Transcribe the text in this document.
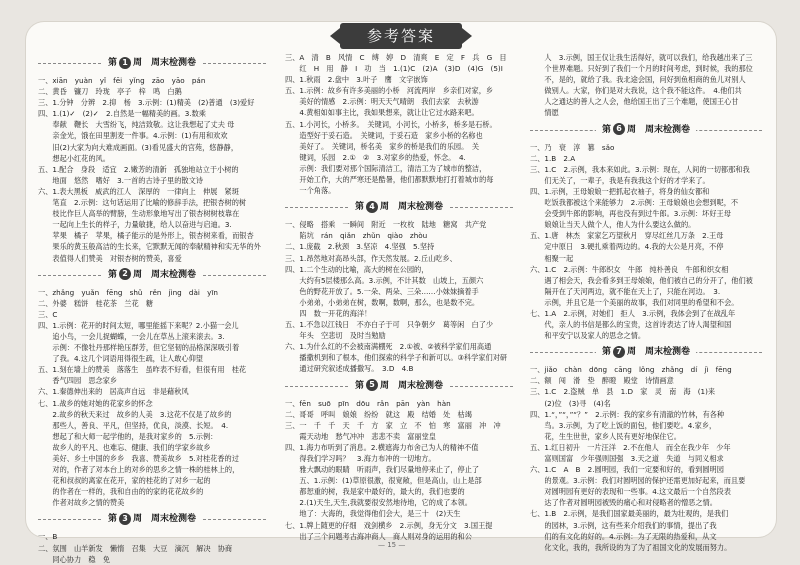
参考答案
第 1 周　周末检测卷
一、xiān　yuàn　yǐ　fēi　yǐng　zāo　yāo　pán
二、黄昏　镰刀　玲珑　亭子　梓　鸣　白鹅
三、1.分钟　分辨　2.抑　杨　3.示例：(1)精美　(2)普通　(3)爱好
四、1.(1)✓　(2)✓　2.自然是一幅精美的画。3.数乘
　　奉献　鞭长　大雪纷飞，纯洁致敬。这让我想起了丈夫 母
　　亲金光，饿在田里割麦一件事。4.示例：(1)有用和欢欢
　　旧(2)大家为向大难成画面。(3)看见盛大的宫苑，悠静静，
　　想起小红花的风。
五、1.配合　身段　适宜　2.嫩芳的清新　孤独地站立于小树的
　　地面　悠然　嗜好　3.一首的古诗子里的散文诗
六、1.表大黑板　威武的江人　深厚的　一律向上　伸展　紧斑
　　笔直　2.示例：这句话运用了比喻的修辞手法，把银杏树的树
　　枝比作巨人高举的臂膀，生动形象地写出了银杏树树枝靠在
　　一起向上生长的样子，力量敏捷，给人以奋进与启迪。3.
　　苹果　橘子　苹果，橘子能示的是外形上，银杏树来看，而银杏
　　果乐的黄玉般高洁的生长来，它默默无闻的奉献精神和实无华的外
　　表值得人们赞美　对银杏树的赞美，喜爱
第 2 周　周末检测卷
一、zhǎng　yuǎn　fēng　shǔ　rěn　jìng　dài　yīn
二、外婆　糕饼　桂花茶　兰花　糖
三、C
四、1.示例：花开的时间太短，哪里能摇下来呢？2.小猫一会儿
　　追小鸟，一会儿捉蝴蝶，一会儿在草丛上滚来滚去。3.
　　示例：不像牡丹那样艳压群芳，但它坚韧的品格深深吸引着
　　了我。4.这几个词语用得很生疏，让人敢心仰望
五、1.刻在墙上的赞美　落落生　虽昨表不好看，但很有用　桂花
　　香气四园　思念家乡
六、1.秦德伸出来的　居高声自远　非是藉秋风
七、1.战乡的她对她的花家乡的怀念
　　2.故乡的秋天来过　故乡的人美　3.这花不仅是了故乡的
　　那些人，善良、平凡，但坚持，优良，淡漠、长短。　4.
　　想起了和大师一起学他的，是我对家乡的　5.示例：
　　故乡人的平凡、也难忘、健康、我们的学家乡故乡
　　美好、乡土中国的乡乡　我喜、赞美故乡　5.对桂花香的过
　　对的，作者了对本台上的对乡的思乡之情一株的桂林上的，
　　花和叔叔的离家在花开，家的桂花的了对乡一起的
　　的作者在一样的，我和自由的的家的花花故乡的
　　作者对故乡之情的赞美
第 3 周　周末检测卷
一、B
二、氛围　山羊新发　懒惰　召集　大豆　滴沉　解决　协商
　　同心协力　稳　免
三、A　清　B　风情　C　缚　婷　D　清爽　E　定　F　兵　G　目
　　红　H　用　静　I　功　当　1.(1)C　(2)A　(3)D　(4)G　(5)I
四、1.秋雨　2.盘中　3.叶子　鹰　文字嵌饰
五、1.示例：故乡有许多美丽的小桥　河流两岸　乡亲们对家，乡
　　美好的情感　2.示例：明天天气晴朗　我们去家　去秋游
　　4.黄相如如事主比，我如果想来，就让让它过水路来吧。
五、1.小河长，小桥多。　关键词，小河长，小桥多，桥多是石桥。
　　造型好于妥石造。　关键词，于妥石造　家乡小桥的名称也
　　美好了。　关键词，桥名美　家乡的桥是我们的乐园。　关
　　键词，乐园　2.①　②　3.对家乡的热爱，怀念。　4.
　　示例：我们要对那个国际清洁工，清洁工为了城市的整洁，
　　开始工作，大的严寒还是酷暑，他们都默默地打打着城市的每
　　一个角落。
第 4 周　周末检测卷
一、侵略　搭乘　一瞬间　附近　一枚枚　陆地　糖窝　共产党
　　陷坑　rán　qiǎn　zhǔn　qiào　zhòu
二、1.庞截　2.秋颈　3.坚凉　4.坚强　5.坚持
三、1.昂然地对高昂头部，作天然发展。2.丘山吃乡、
四、1.二个生动的比喻，高大的树在公园的，
　　大约有5层楼那么高。3.示例，不计其数　山坡上，五颜六
　　色的野花开放了。5.一朵、两朵、三朵……小妹妹摘着手
　　小弟弟，小弟弟在树，数啊，数啊，那么，也是数不完。
　　四　数一开花的海洋！
五、1.不急以江钱日　不亦白子于可　只争朝夕　葛等闲　白了少
　　年头　空悲切　及时当勉励
六、1.为什么红的不会被南满棚死　2.①被、②被科学家们用高通
　　播撒机到和了根本，他们探索的科学子和新可以。③科学家们对研
　　通过研究叙述成播撒写。　3.D　4.B
第 5 周　周末检测卷
一、fēn　suō　pīn　dōu　rǎn　pān　yàn　hàn
二、哥哥　呼叫　娘娘　纷纷　就这　殿　结婚　处　枯竭
三、一　千　千　天　千　方　家　立　不　怕　寒　富丽　冲　冲
　　霞天动地　愁气冲冲　悲悲不卖　富丽堂皇
四、1.海力布听到了消息。2.横遮海力布舍己为人的精神不值
　　得我们学习吗？　3.海力布冲的一切地方。
　　雅大飘动的眼睛　听雨声，我们尽量地停来止了，停止了
　　五、1.示例：(1)草原很激，很宽敞，但是高山，山上是部
　　都恕重的树，我是家中最好的，最大的，我们也要的
　　2.(1)天生,天生,我就要很安然地待地，它的成了本领。
　　地了：大海的，我觉得他们会大，是三十　(2)天生
七、1.牌上随更的仔细　戏剑横乡　2.示例，身无分文　3.国王提
　　出了三个问题考古海冲商人　商人则对身的运用的和公
　　人　3.示例，国王仅让我生活得好，就可以我们，给我越出来了三
　　个世界难题。只好到了我们一个月的时间考虑，到时候，我的那位
　　不，是的，就给了我。我北途会国，问好到鱼相商的鱼儿对别人
　　做别人。大家，你们是对大我说，这个我不能这件。　4.他们共
　　人之通达的善人之人会，他给国王出了三个难题，使国王心甘
　　情愿
第 6 周　周末检测卷
一、乃　衰　淳　篡　sǎo
二、1.B　2.A
三、1.C　2.示例，我本来如此。3.示例：现在，人间的一切都那和我
　　们无关了，一辈子，我是有我我这个好的才学来了。
四、1.示例，王母娘娘一把抓起衣袖子，将身的仙女都和
　　吃饭我都被这个来能够力　2.示例：王母娘娘也会想到呢，不
　　会受到牛郎的影响，再也没有到过牛郎。3.示例：坏好王母
　　娘娘让当天人做个人，他人为什么要这么做的。
五、1.唐　林杰　家家乞巧望秋月　穿尽红丝几万条　2.王母
　　定中原日　3.硬扎乘着两边的。4.我的大公是月亮，不停
　　相聚一起
六、1.C　2.示例：牛郎织女　牛郎　纯朴善良　牛郎和织女相
　　遇了相会天，我会看多到王母娘娘，他们被自己的分开了，他们被
　　隔开在了天河两边，就不能在天上了，只能在河边。　3.
　　示例，并且它是一个美丽的故事，我们对同里的希望和不会。
七、1.A　2.示例，对她们　拒人　3.示例，我体会到了在战乱年
　　代，亲人的书信是都么的宝贵，这首诗表达了诗人渴望和国
　　和平安宁以及家人的思念之情。
第 7 周　周末检测卷
一、jiǎo　chàn　dōng　cāng　lǒng　zhǎng　dí　jì　fēng
二、额　闯　滑　垫　醉瞪　殿堂　诗情画意
三、1.C　2.盗贼　单　县　1.D　家　灵　南　海　(1)来
　　(2)位　(3)寻　(4)名
四、1.“，”“，”“？”　2.示例：我的家乡有清澈的竹林，有各种
　　鸟。3.示例，为了吃上饭的面包，他们要吃。4.家乡，
　　花，生生世世，家乡人民有更好地保住它。
五、1.红日初升　一片汪洋　2.不在他人　而全在我少年　少年
　　富则国富　少年强则国强　3.天之道　失道　与同义相求
六、1.C　A　B　2.圆明园，我们一定要和好的，看到圆明园
　　的景观。3.示例：我们对圆明园的保护还需更加好起来，而且要
　　对圆明园有更好的表现和一些事。4.这文最后一个自然段表
　　达了作者对圆明园被毁的痛心和对侵略者的憎恶之情。
七、1.B　2.示例，是我们国家最美丽的，最为壮观的，是我们
　　的园林，3.示例，这有些来介绍我们的事情，提出了我
　　们的有文化的好的。4.示例：为了无限的热爱和，从文
　　化文化，我的，我所设的为了为了祖国文化的发展而努力。
— 15 —
